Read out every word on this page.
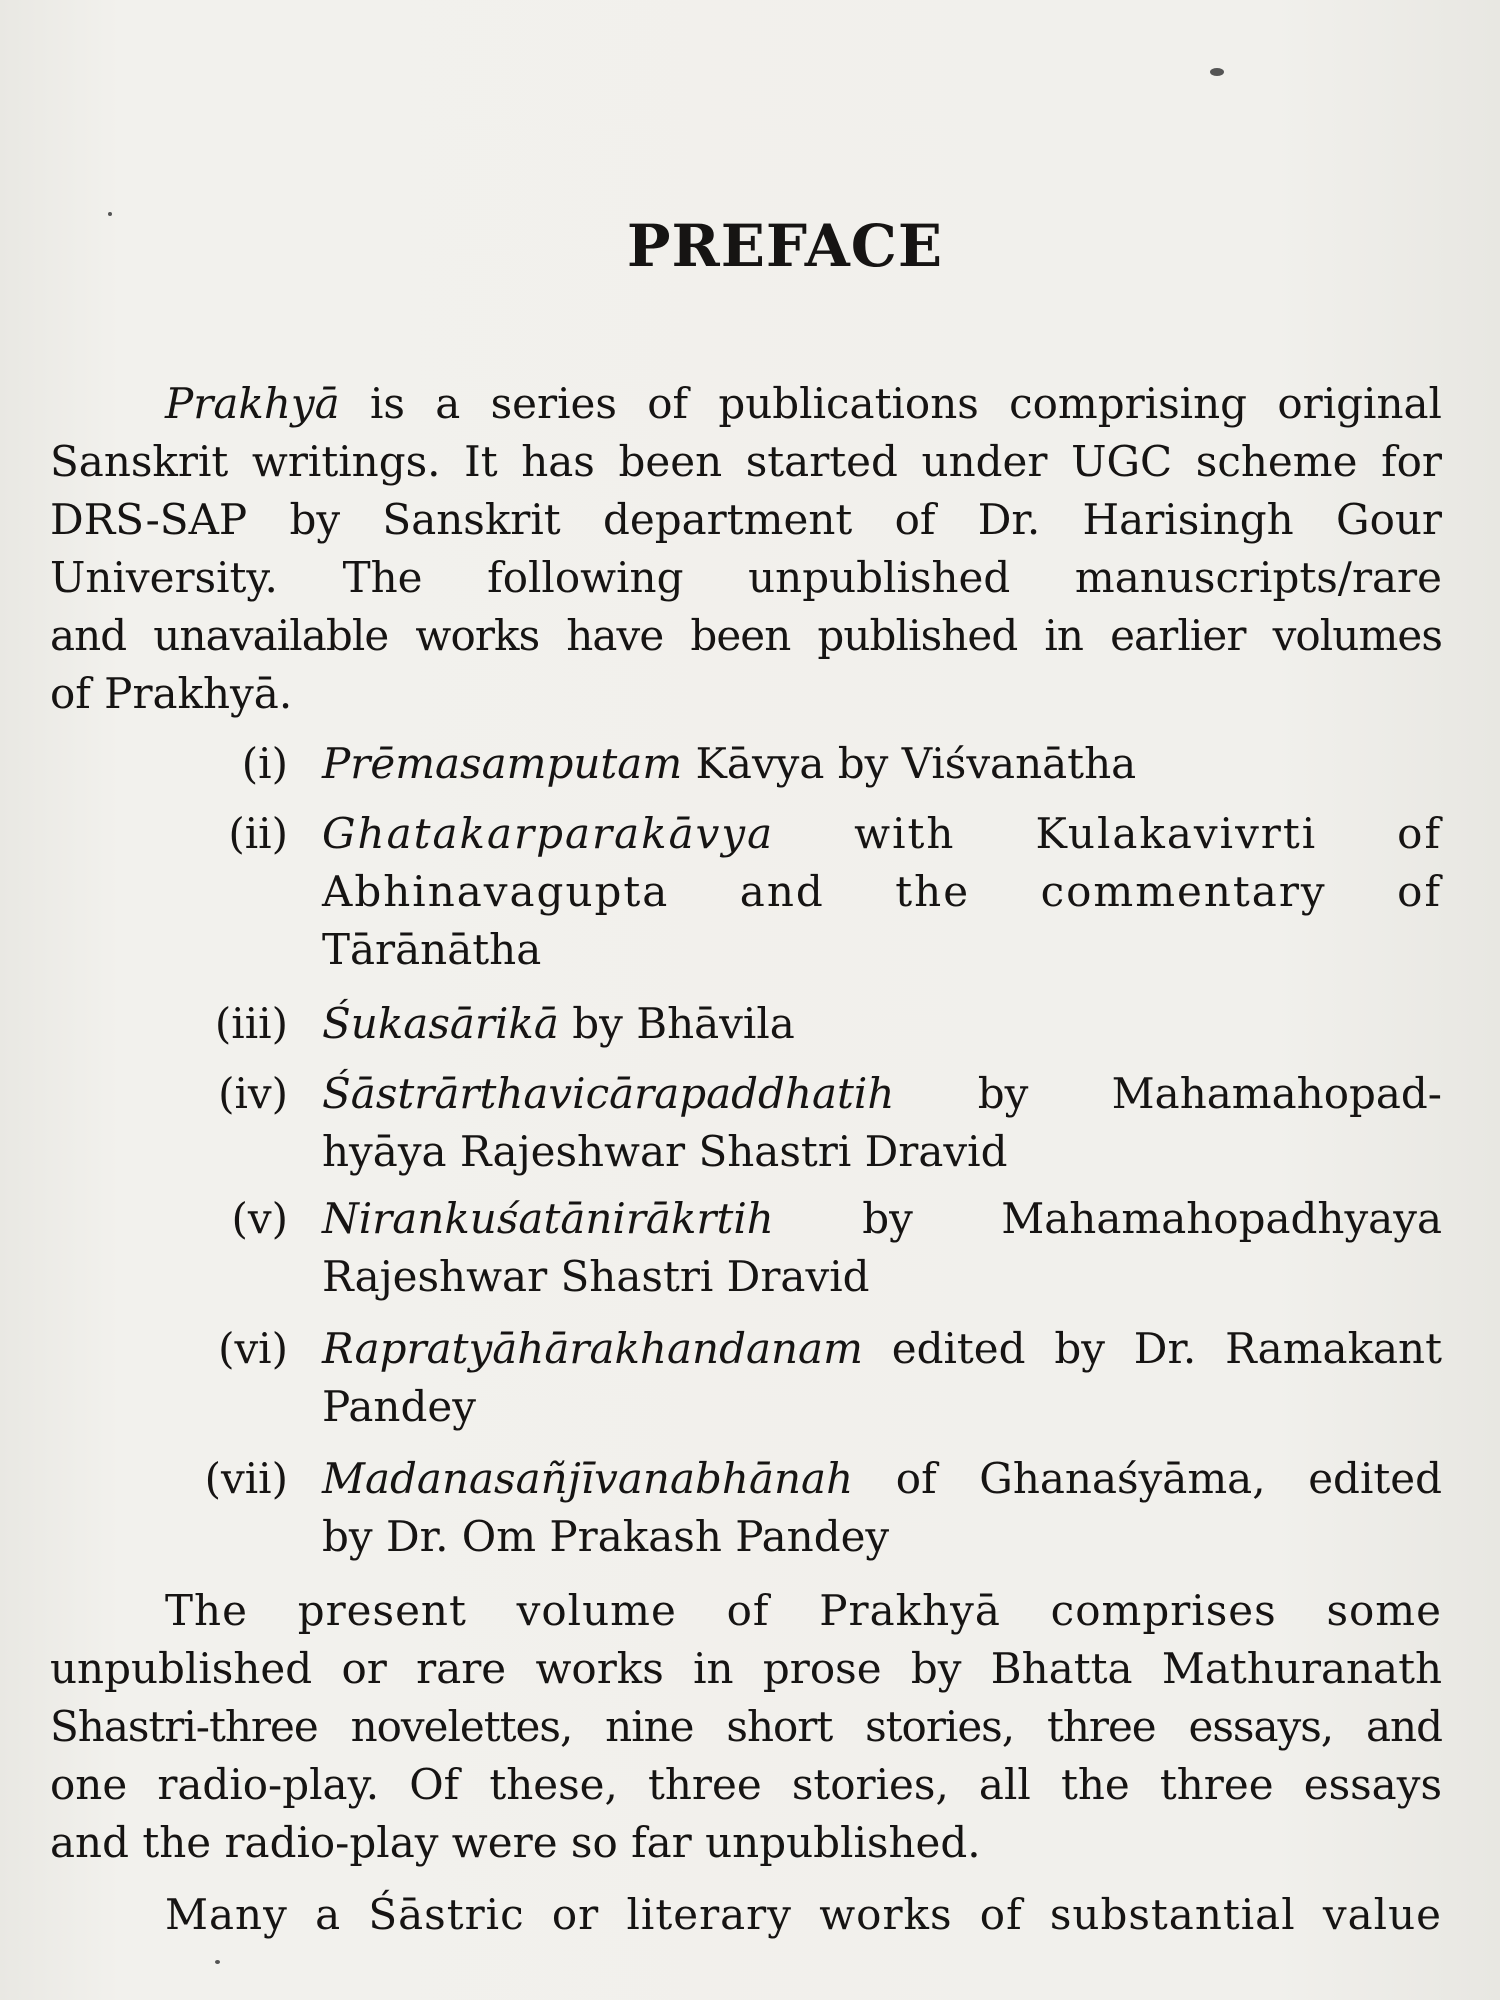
PREFACE
Prakhyā is a series of publications comprising original
Sanskrit writings. It has been started under UGC scheme for
DRS-SAP by Sanskrit department of Dr. Harisingh Gour
University. The following unpublished manuscripts/rare
and unavailable works have been published in earlier volumes
of Prakhyā.
(i) Prēmasamputam Kāvya by Viśvanātha
(ii) Ghatakarparakāvya with Kulakavivrti of
Abhinavagupta and the commentary of
Tārānātha
(iii) Śukasārikā by Bhāvila
(iv) Śāstrārthavicārapaddhatih by Mahamahopad-
hyāya Rajeshwar Shastri Dravid
(v) Nirankuśatānirākrtih by Mahamahopadhyaya
Rajeshwar Shastri Dravid
(vi) Rapratyāhārakhandanam edited by Dr. Ramakant
Pandey
(vii) Madanasañjīvanabhānah of Ghanaśyāma, edited
by Dr. Om Prakash Pandey
The present volume of Prakhyā comprises some
unpublished or rare works in prose by Bhatta Mathuranath
Shastri-three novelettes, nine short stories, three essays, and
one radio-play. Of these, three stories, all the three essays
and the radio-play were so far unpublished.
Many a Śāstric or literary works of substantial value
